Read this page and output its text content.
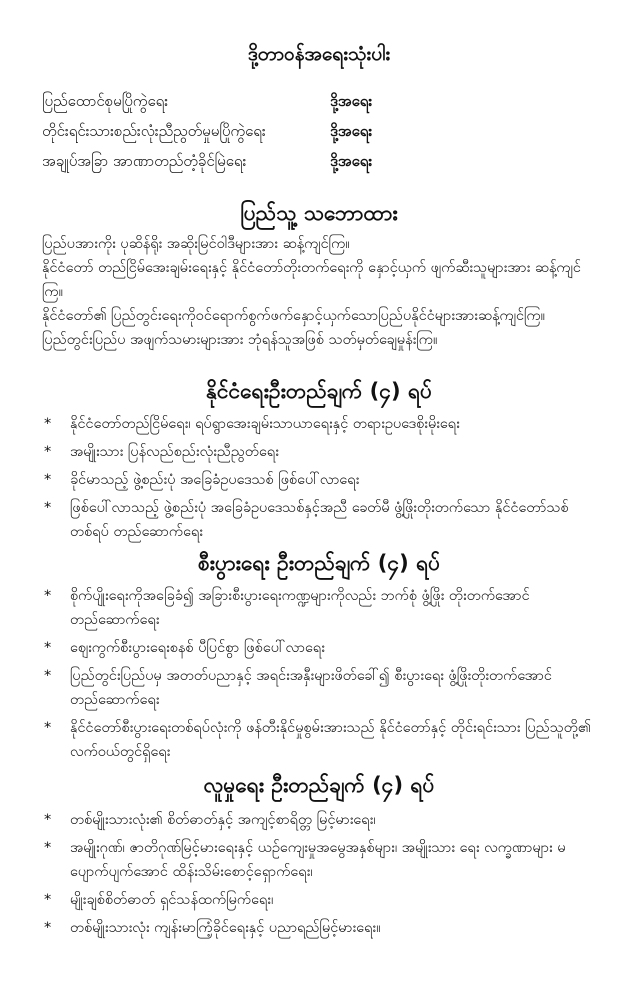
ဒို့တာဝန်အရေးသုံးပါး
ပြည်ထောင်စုမပြိုကွဲရေး	ဒို့အရေး
တိုင်းရင်းသားစည်းလုံးညီညွတ်မှုမပြိုကွဲရေး	ဒို့အရေး
အချုပ်အခြာ အာဏာတည်တံ့ခိုင်မြဲရေး	ဒို့အရေး
ပြည်သူ့ သဘောထား

ပြည်ပအားကိုး ပုဆိန်ရိုး အဆိုးမြင်ဝါဒီများအား ဆန့်ကျင်ကြ။

နိုင်ငံတော် တည်ငြိမ်အေးချမ်းရေးနှင့် နိုင်ငံတော်တိုးတက်ရေးကို နှောင့်ယှက် ဖျက်ဆီးသူများအား ဆန့်ကျင်ကြ။

နိုင်ငံတော်၏ ပြည်တွင်းရေးကိုဝင်ရောက်စွက်ဖက်နှောင့်ယှက်သောပြည်ပနိုင်ငံများအားဆန့်ကျင်ကြ။

ပြည်တွင်းပြည်ပ အဖျက်သမားများအား ဘုံရန်သူအဖြစ် သတ်မှတ်ချေမှုန်းကြ။

နိုင်ငံရေးဦးတည်ချက် (၄) ရပ်
* နိုင်ငံတော်တည်ငြိမ်ရေး၊ ရပ်ရွာအေးချမ်းသာယာရေးနှင့် တရားဥပဒေစိုးမိုးရေး
* အမျိုးသား ပြန်လည်စည်းလုံးညီညွတ်ရေး
* ခိုင်မာသည့် ဖွဲ့စည်းပုံ အခြေခံဥပဒေသစ် ဖြစ်ပေါ်လာရေး
* ဖြစ်ပေါ်လာသည့် ဖွဲ့စည်းပုံ အခြေခံဥပဒေသစ်နှင့်အညီ ခေတ်မီ ဖွံ့ဖြိုးတိုးတက်သော နိုင်ငံတော်သစ်တစ်ရပ် တည်ဆောက်ရေး
စီးပွားရေး ဦးတည်ချက် (၄) ရပ်
* စိုက်ပျိုးရေးကိုအခြေခံ၍ အခြားစီးပွားရေးကဏ္ဍများကိုလည်း ဘက်စုံ ဖွံ့ဖြိုး တိုးတက်အောင် တည်ဆောက်ရေး
* ဈေးကွက်စီးပွားရေးစနစ် ပီပြင်စွာ ဖြစ်ပေါ်လာရေး
* ပြည်တွင်းပြည်ပမှ အတတ်ပညာနှင့် အရင်းအနှီးများဖိတ်ခေါ်၍ စီးပွားရေး ဖွံ့ဖြိုးတိုးတက်အောင် တည်ဆောက်ရေး
* နိုင်ငံတော်စီးပွားရေးတစ်ရပ်လုံးကို ဖန်တီးနိုင်မှုစွမ်းအားသည် နိုင်ငံတော်နှင့် တိုင်းရင်းသား ပြည်သူတို့၏ လက်ဝယ်တွင်ရှိရေး
လူမှုရေး ဦးတည်ချက် (၄) ရပ်
* တစ်မျိုးသားလုံး၏ စိတ်ဓာတ်နှင့် အကျင့်စာရိတ္တ မြင့်မားရေး၊
* အမျိုးဂုဏ်၊ ဇာတိဂုဏ်မြင့်မားရေးနှင့် ယဉ်ကျေးမှုအမွေအနှစ်များ၊ အမျိုးသား ရေး လက္ခဏာများ မပျောက်ပျက်အောင် ထိန်းသိမ်းစောင့်ရှောက်ရေး၊
* မျိုးချစ်စိတ်ဓာတ် ရှင်သန်ထက်မြက်ရေး၊
* တစ်မျိုးသားလုံး ကျန်းမာကြံ့ခိုင်ရေးနှင့် ပညာရည်မြင့်မားရေး။
